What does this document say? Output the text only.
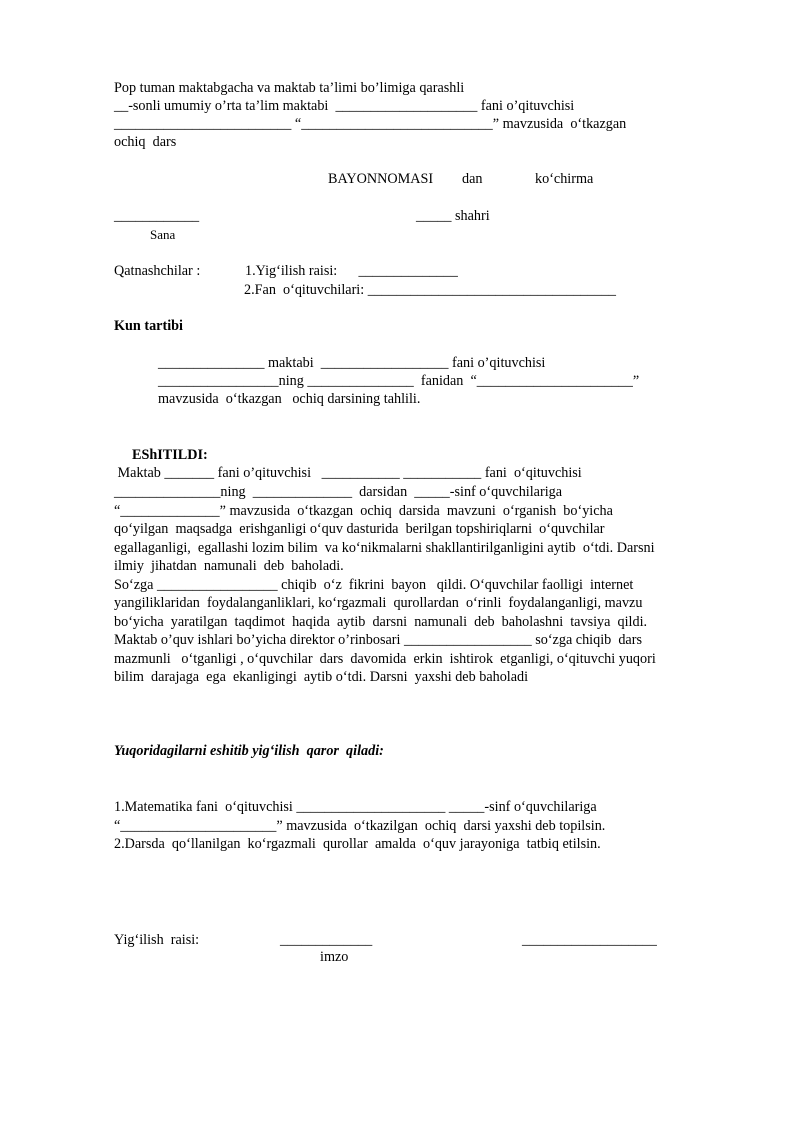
Pop tuman maktabgacha va maktab ta’limi bo’limiga qarashli
__-sonli umumiy o’rta ta’lim maktabi  ____________________ fani o’qituvchisi
_________________________ “___________________________” mavzusida  o‘tkazgan
ochiq  dars
BAYONNOMASI dan	ko‘chirma
____________	_____ shahri
Sana
Qatnashchilar :	1.Yig‘ilish raisi:      ______________
2.Fan  o‘qituvchilari: ___________________________________
Kun tartibi
_______________ maktabi  __________________ fani o’qituvchisi
_________________ning _______________  fanidan  “______________________”
mavzusida  o‘tkazgan   ochiq darsining tahlili.
EShITILDI:
Maktab _______ fani o’qituvchisi   ___________ ___________ fani  o‘qituvchisi
_______________ning  ______________  darsidan  _____-sinf o‘quvchilariga
“______________” mavzusida  o‘tkazgan  ochiq  darsida  mavzuni  o‘rganish  bo‘yicha
qo‘yilgan  maqsadga  erishganligi o‘quv dasturida  berilgan topshiriqlarni  o‘quvchilar
egallaganligi,  egallashi lozim bilim  va ko‘nikmalarni shakllantirilganligini aytib  o‘tdi. Darsni
ilmiy  jihatdan  namunali  deb  baholadi.
So‘zga _________________ chiqib  o‘z  fikrini  bayon   qildi. O‘quvchilar faolligi  internet
yangiliklaridan  foydalanganliklari, ko‘rgazmali  qurollardan  o‘rinli  foydalanganligi, mavzu
bo‘yicha  yaratilgan  taqdimot  haqida  aytib  darsni  namunali  deb  baholashni  tavsiya  qildi.
Maktab o’quv ishlari bo’yicha direktor o’rinbosari __________________ so‘zga chiqib  dars
mazmunli   o‘tganligi , o‘quvchilar  dars  davomida  erkin  ishtirok  etganligi, o‘qituvchi yuqori
bilim  darajaga  ega  ekanligingi  aytib o‘tdi. Darsni  yaxshi deb baholadi
Yuqoridagilarni eshitib yig‘ilish  qaror  qiladi:
1.Matematika fani  o‘qituvchisi _____________________ _____-sinf o‘quvchilariga
“______________________” mavzusida  o‘tkazilgan  ochiq  darsi yaxshi deb topilsin.
2.Darsda  qo‘llanilgan  ko‘rgazmali  qurollar  amalda  o‘quv jarayoniga  tatbiq etilsin.
Yig‘ilish  raisi:	_____________	___________________
imzo
